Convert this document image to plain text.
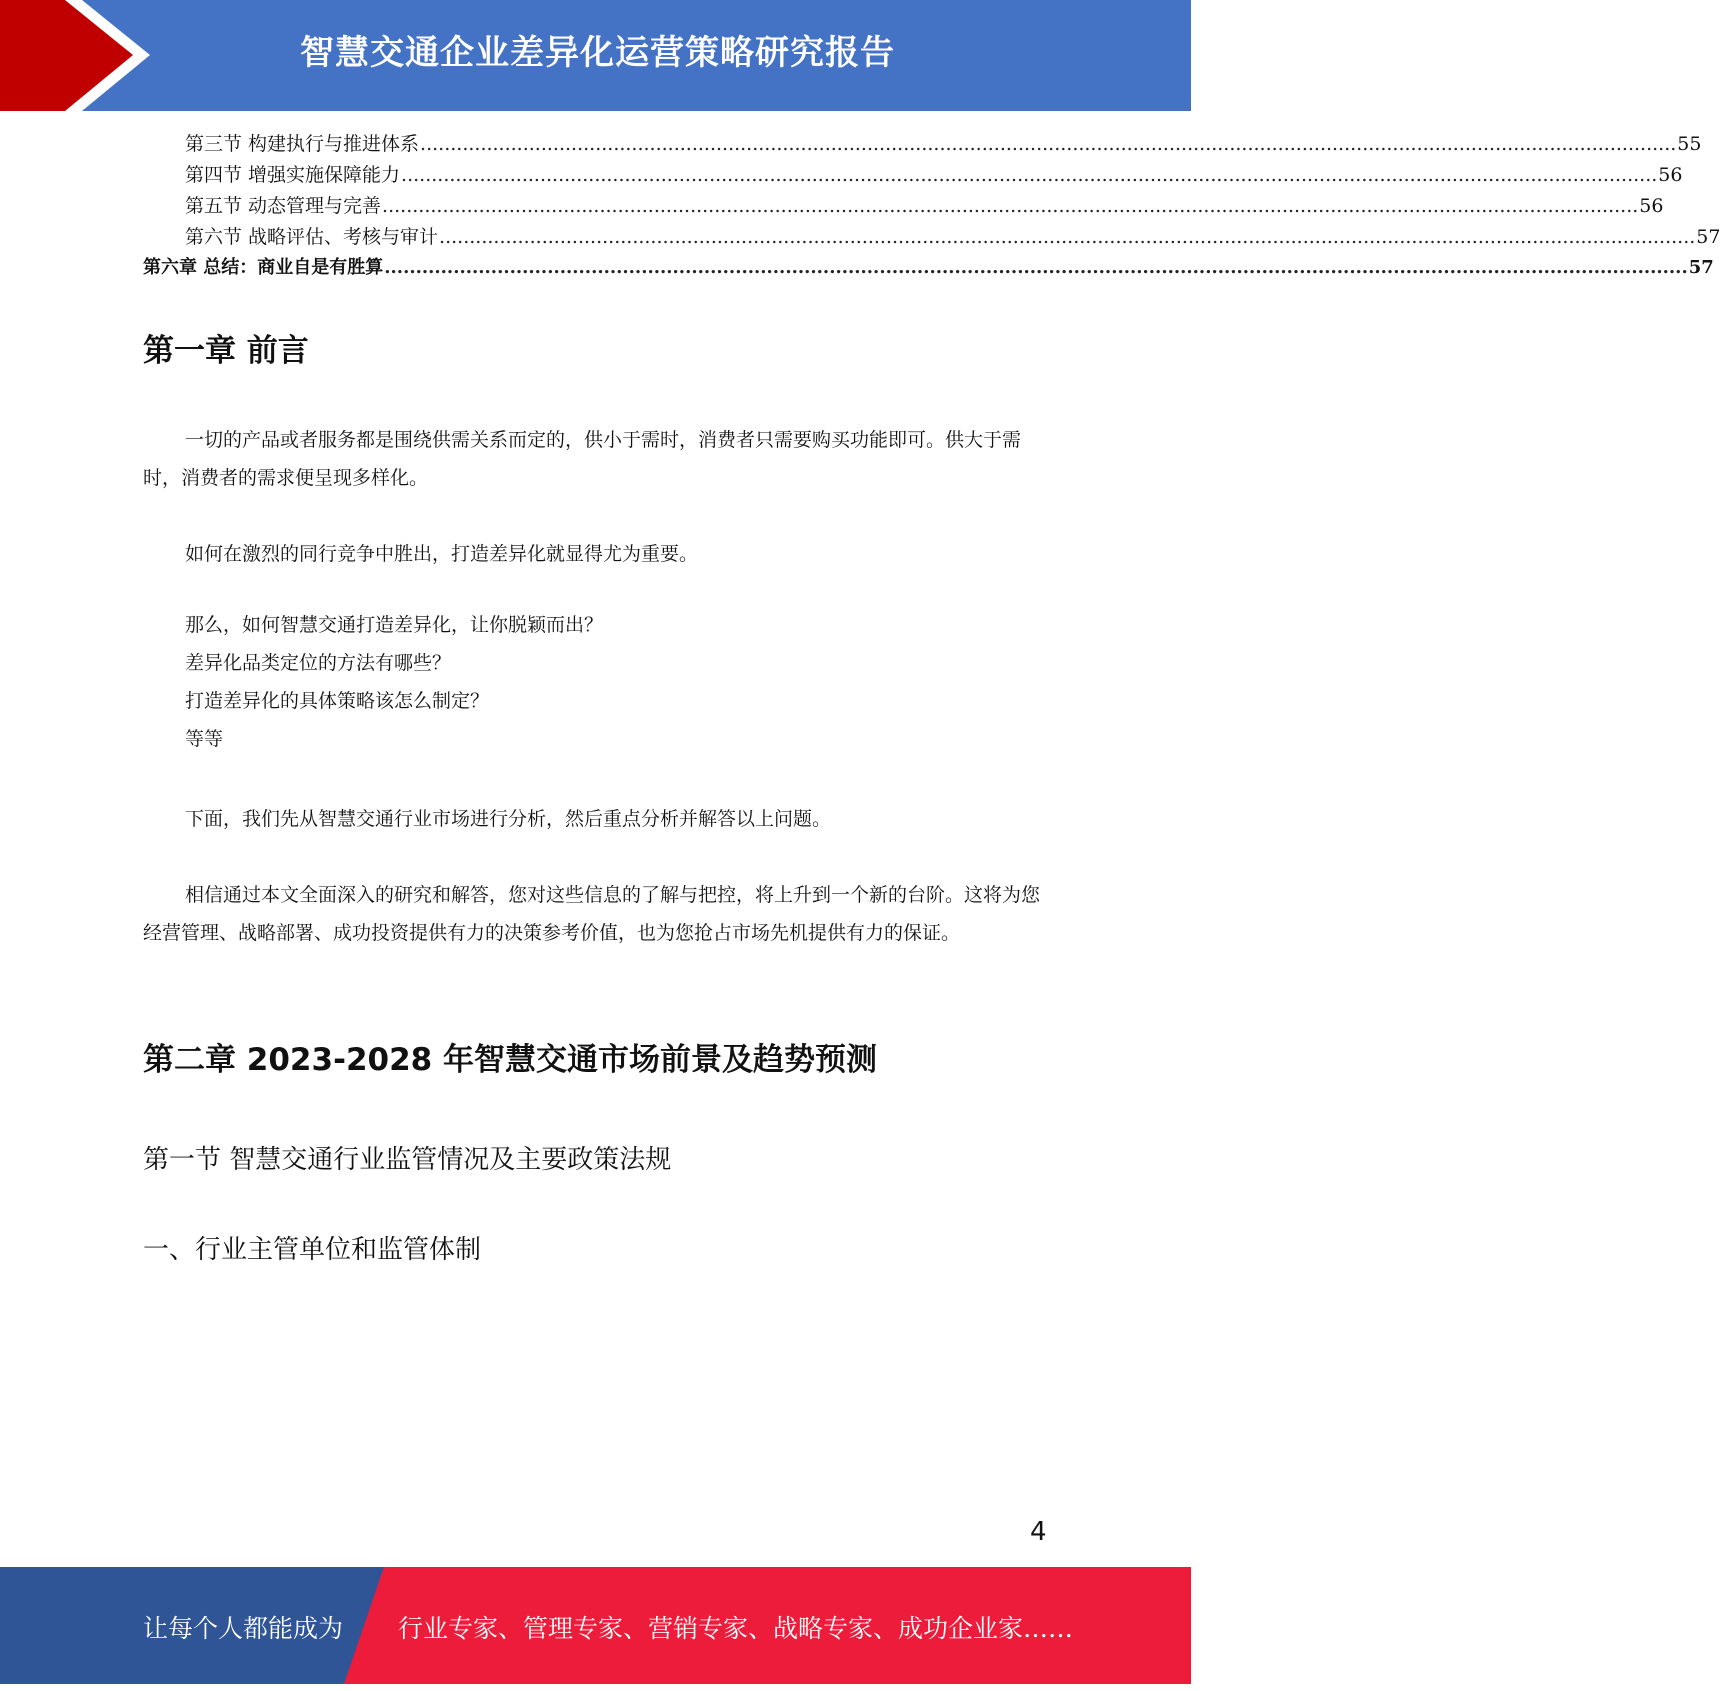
智慧交通企业差异化运营策略研究报告
第三节 构建执行与推进体系 ................................................................................................................................................................................................................ 55
第四节 增强实施保障能力 ................................................................................................................................................................................................................ 56
第五节 动态管理与完善 ................................................................................................................................................................................................................ 56
第六节 战略评估、考核与审计 ................................................................................................................................................................................................................ 57
第六章 总结：商业自是有胜算 ................................................................................................................................................................................................................ 57
第一章 前言

一切的产品或者服务都是围绕供需关系而定的，供小于需时，消费者只需要购买功能即可。供大于需时，消费者的需求便呈现多样化。

如何在激烈的同行竞争中胜出，打造差异化就显得尤为重要。

那么，如何智慧交通打造差异化，让你脱颖而出？
差异化品类定位的方法有哪些？
打造差异化的具体策略该怎么制定？
等等

下面，我们先从智慧交通行业市场进行分析，然后重点分析并解答以上问题。

相信通过本文全面深入的研究和解答，您对这些信息的了解与把控，将上升到一个新的台阶。这将为您经营管理、战略部署、成功投资提供有力的决策参考价值，也为您抢占市场先机提供有力的保证。

第二章 2023-2028 年智慧交通市场前景及趋势预测
第一节 智慧交通行业监管情况及主要政策法规
一、行业主管单位和监管体制
4
让每个人都能成为 行业专家、管理专家、营销专家、战略专家、成功企业家……
